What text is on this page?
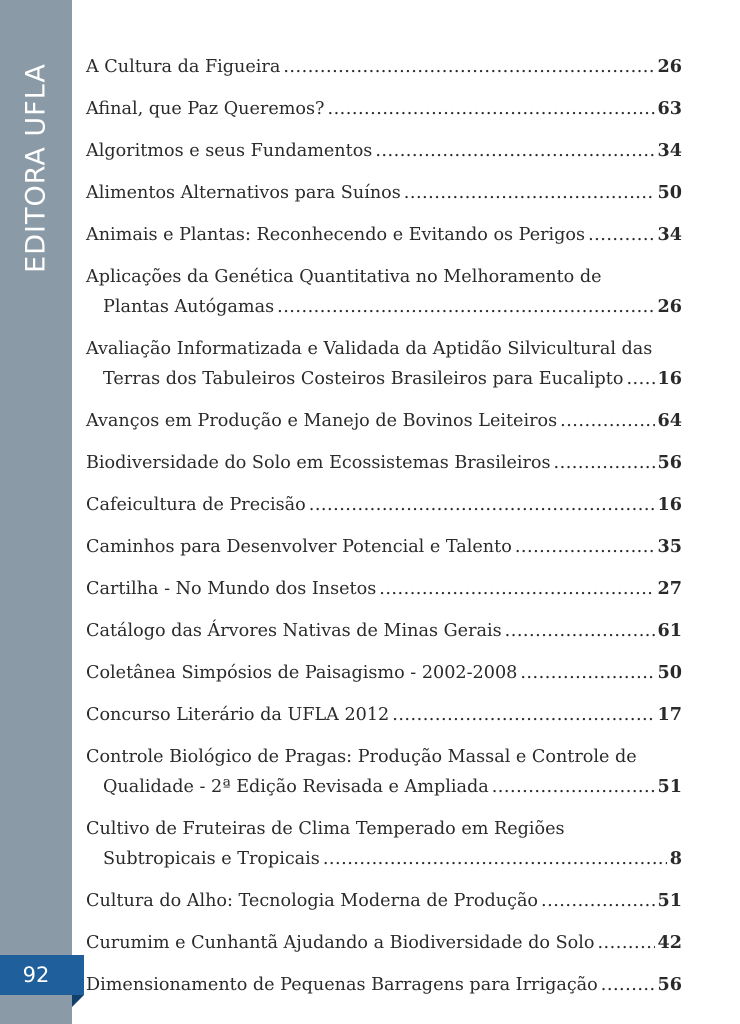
EDITORA UFLA
92
A Cultura da Figueira .....	26
Afinal, que Paz Queremos? .....	63
Algoritmos e seus Fundamentos .....	34
Alimentos Alternativos para Suínos .....	50
Animais e Plantas: Reconhecendo e Evitando os Perigos .....	34
Aplicações da Genética Quantitativa no Melhoramento de
Plantas Autógamas .....	26
Avaliação Informatizada e Validada da Aptidão Silvicultural das
Terras dos Tabuleiros Costeiros Brasileiros para Eucalipto ..... 16
Avanços em Produção e Manejo de Bovinos Leiteiros .....	64
Biodiversidade do Solo em Ecossistemas Brasileiros .....	56
Cafeicultura de Precisão .....	16
Caminhos para Desenvolver Potencial e Talento .....	35
Cartilha - No Mundo dos Insetos .....	27
Catálogo das Árvores Nativas de Minas Gerais .....	61
Coletânea Simpósios de Paisagismo - 2002-2008 .....	50
Concurso Literário da UFLA 2012 .....	17
Controle Biológico de Pragas: Produção Massal e Controle de
Qualidade - 2ª Edição Revisada e Ampliada .....	51
Cultivo de Fruteiras de Clima Temperado em Regiões
Subtropicais e Tropicais .....	8
Cultura do Alho: Tecnologia Moderna de Produção .....	51
Curumim e Cunhantã Ajudando a Biodiversidade do Solo .....	42
Dimensionamento de Pequenas Barragens para Irrigação .....	56
